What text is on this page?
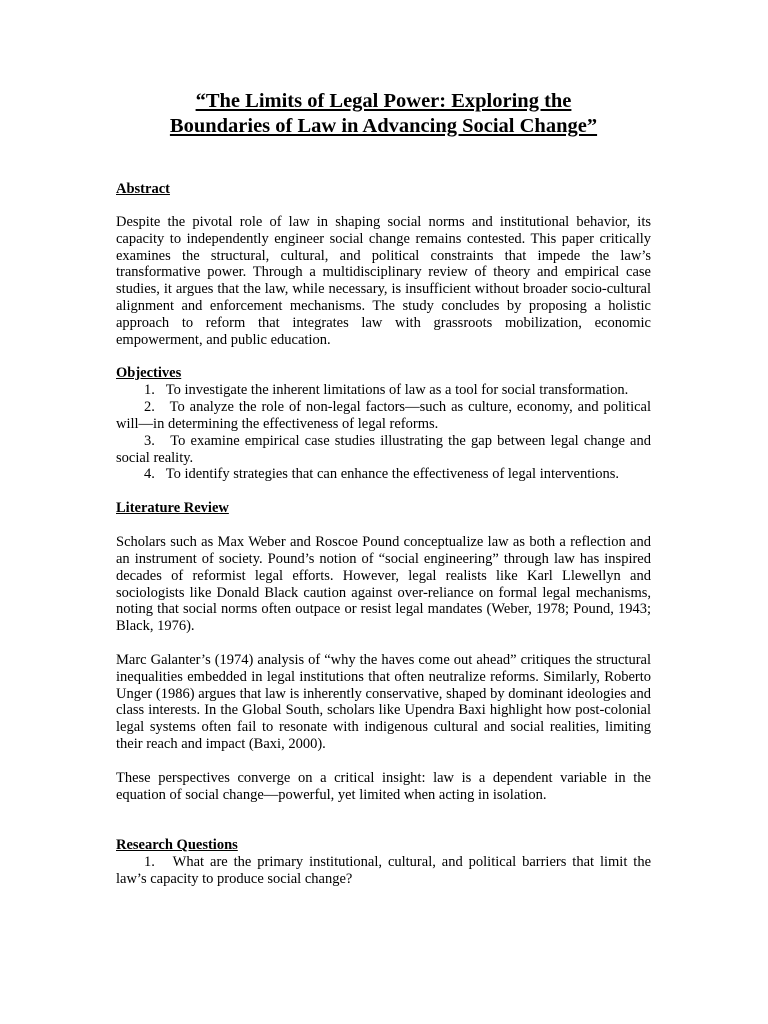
“The Limits of Legal Power: Exploring the
Boundaries of Law in Advancing Social Change”
Abstract

Despite the pivotal role of law in shaping social norms and institutional behavior, its capacity to independently engineer social change remains contested. This paper critically examines the structural, cultural, and political constraints that impede the law’s transformative power. Through a multidisciplinary review of theory and empirical case studies, it argues that the law, while necessary, is insufficient without broader socio-cultural alignment and enforcement mechanisms. The study concludes by proposing a holistic approach to reform that integrates law with grassroots mobilization, economic empowerment, and public education.

Objectives
1. To investigate the inherent limitations of law as a tool for social transformation.
2. To analyze the role of non-legal factors—such as culture, economy, and political will—in determining the effectiveness of legal reforms.
3. To examine empirical case studies illustrating the gap between legal change and social reality.
4. To identify strategies that can enhance the effectiveness of legal interventions.
Literature Review

Scholars such as Max Weber and Roscoe Pound conceptualize law as both a reflection and an instrument of society. Pound’s notion of “social engineering” through law has inspired decades of reformist legal efforts. However, legal realists like Karl Llewellyn and sociologists like Donald Black caution against over-reliance on formal legal mechanisms, noting that social norms often outpace or resist legal mandates (Weber, 1978; Pound, 1943; Black, 1976).

Marc Galanter’s (1974) analysis of “why the haves come out ahead” critiques the structural inequalities embedded in legal institutions that often neutralize reforms. Similarly, Roberto Unger (1986) argues that law is inherently conservative, shaped by dominant ideologies and class interests. In the Global South, scholars like Upendra Baxi highlight how post-colonial legal systems often fail to resonate with indigenous cultural and social realities, limiting their reach and impact (Baxi, 2000).

These perspectives converge on a critical insight: law is a dependent variable in the equation of social change—powerful, yet limited when acting in isolation.

Research Questions
1. What are the primary institutional, cultural, and political barriers that limit the law’s capacity to produce social change?
